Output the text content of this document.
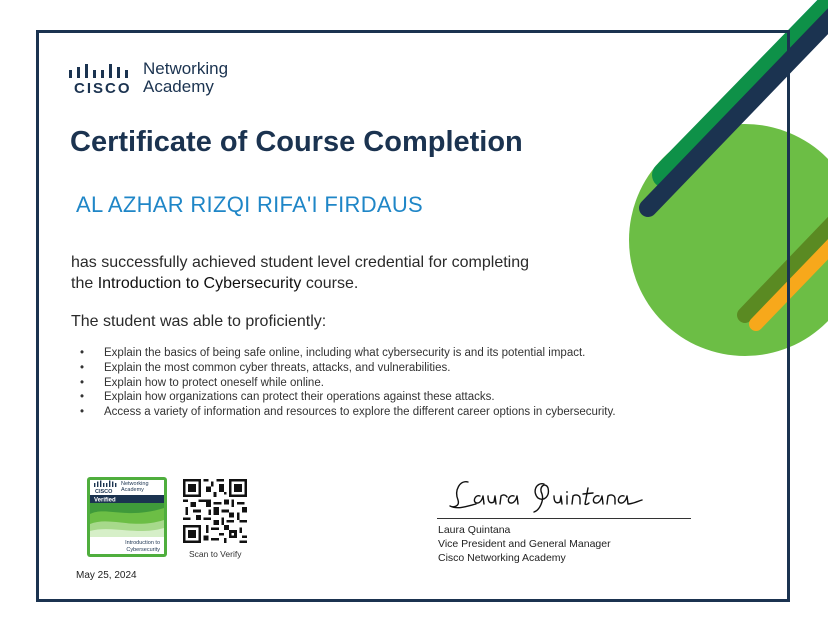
CISCO
Networking
Academy
Certificate of Course Completion
AL AZHAR RIZQI RIFA'I FIRDAUS
has successfully achieved student level credential for completing
the Introduction to Cybersecurity course.
The student was able to proficiently:
• Explain the basics of being safe online, including what cybersecurity is and its potential impact.
• Explain the most common cyber threats, attacks, and vulnerabilities.
• Explain how to protect oneself while online.
• Explain how organizations can protect their operations against these attacks.
• Access a variety of information and resources to explore the different career options in cybersecurity.
CISCO
Networking
Academy
Verified
Introduction to
Cybersecurity	Scan to Verify
May 25, 2024
Laura Quintana
Vice President and General Manager
Cisco Networking Academy
